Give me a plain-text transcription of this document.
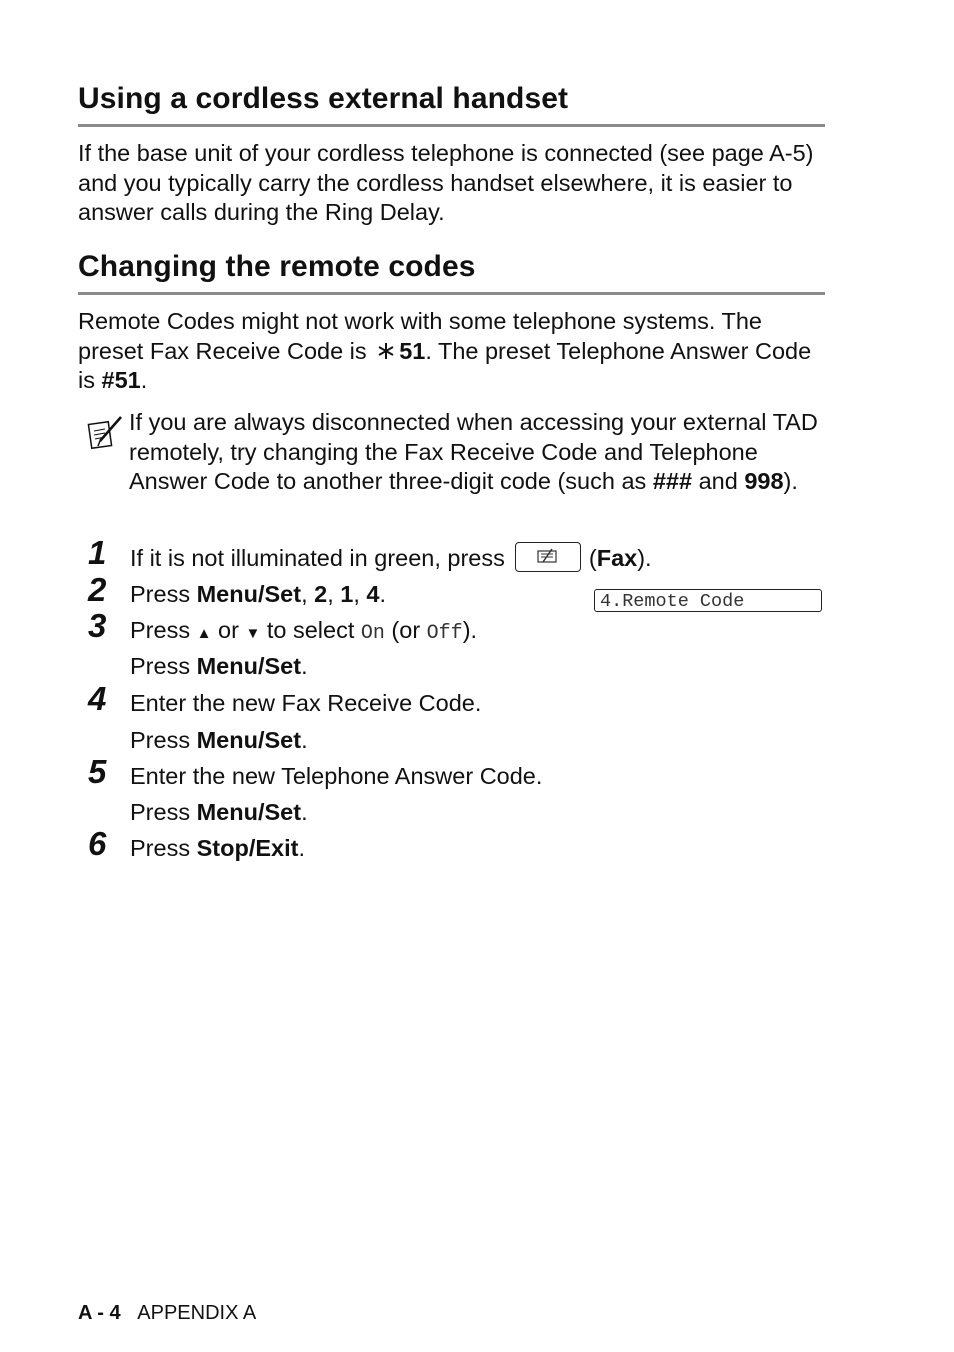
Using a cordless external handset

If the base unit of your cordless telephone is connected (see page A-5) and you typically carry the cordless handset elsewhere, it is easier to answer calls during the Ring Delay.

Changing the remote codes

Remote Codes might not work with some telephone systems. The preset Fax Receive Code is 51. The preset Telephone Answer Code is #51.

If you are always disconnected when accessing your external TAD remotely, try changing the Fax Receive Code and Telephone Answer Code to another three-digit code (such as ### and 998).

1 If it is not illuminated in green, press	(Fax).
2 Press Menu/Set, 2, 1, 4.	4.Remote Code
3 Press ▲ or ▼ to select On (or Off).
Press Menu/Set.
4 Enter the new Fax Receive Code.
Press Menu/Set.
5 Enter the new Telephone Answer Code.
Press Menu/Set.
6 Press Stop/Exit.
A - 4 APPENDIX A
